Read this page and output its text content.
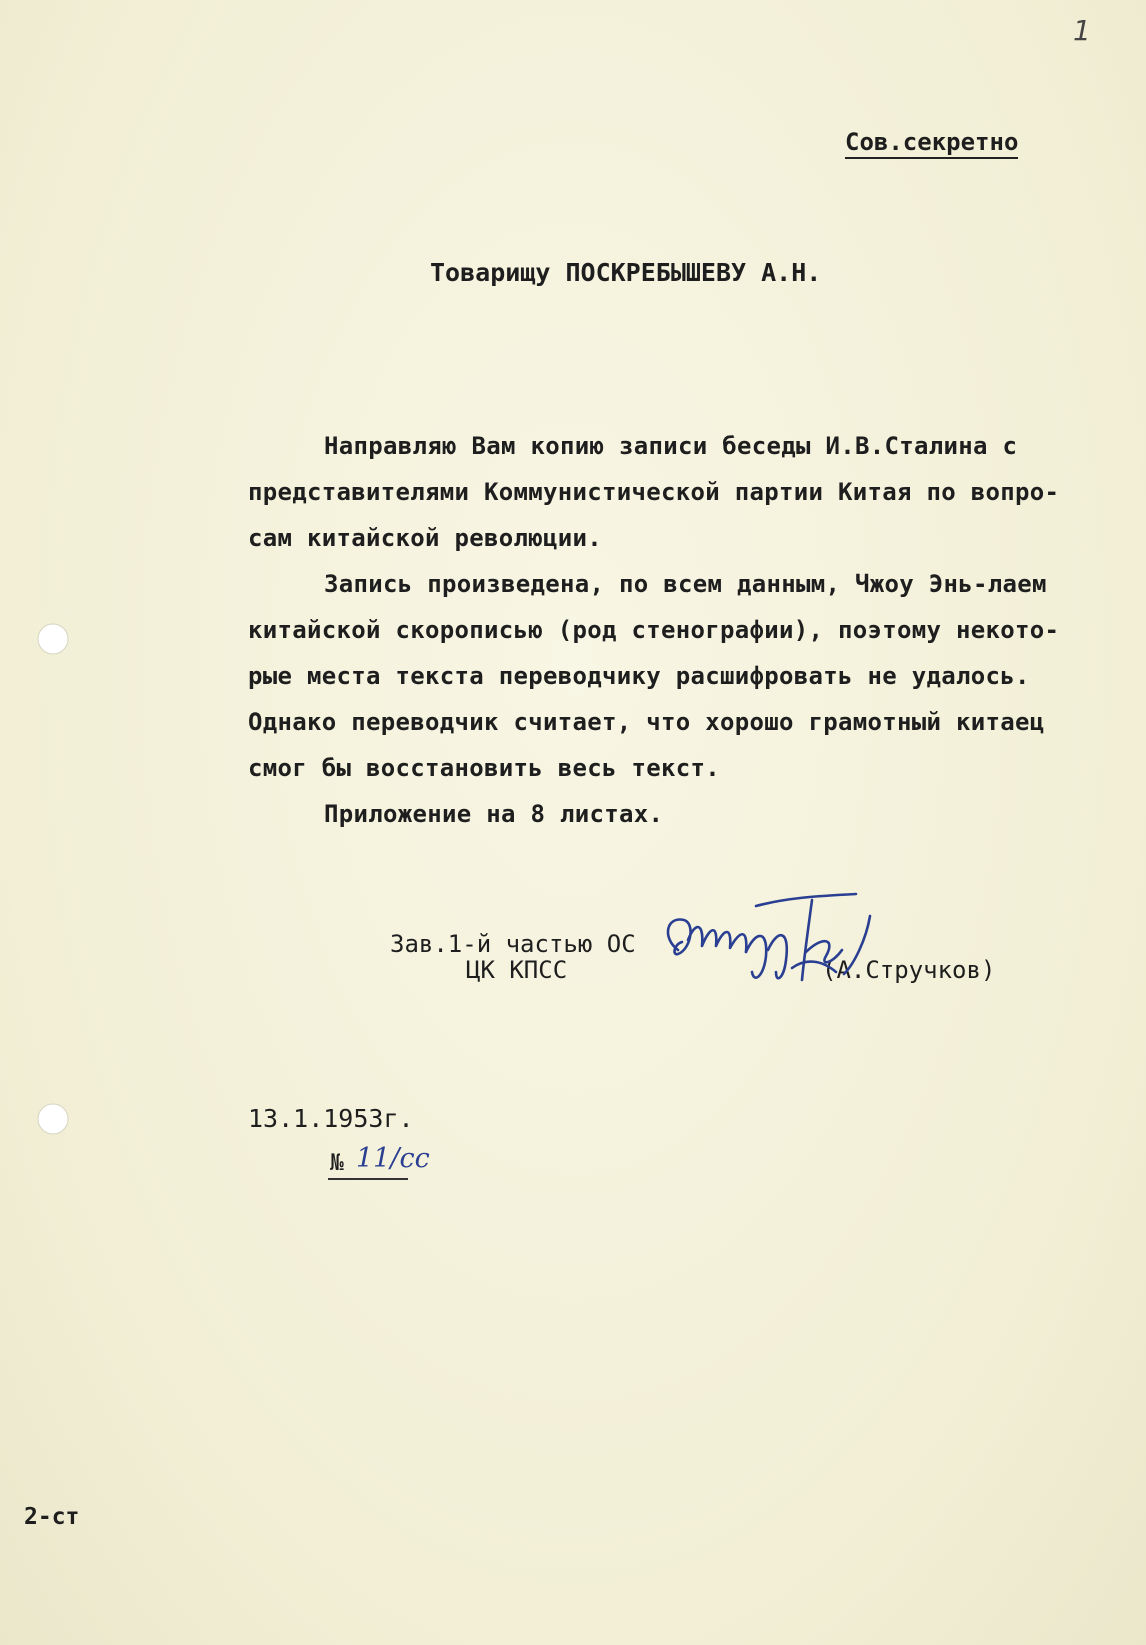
1
Сов.секретно
Товарищу ПОСКРЕБЫШЕВУ А.Н.
Направляю Вам копию записи беседы И.В.Сталина с
представителями Коммунистической партии Китая по вопро-
сам китайской революции.
Запись произведена, по всем данным, Чжоу Энь-лаем
китайской скорописью (род стенографии), поэтому некото-
рые места текста переводчику расшифровать не удалось.
Однако переводчик считает, что хорошо грамотный китаец
смог бы восстановить весь текст.
Приложение на 8 листах.
Зав.1-й частью ОС
ЦК КПСС	(А.Стручков)
13.1.1953г.
№ 11/сс
2-ст
